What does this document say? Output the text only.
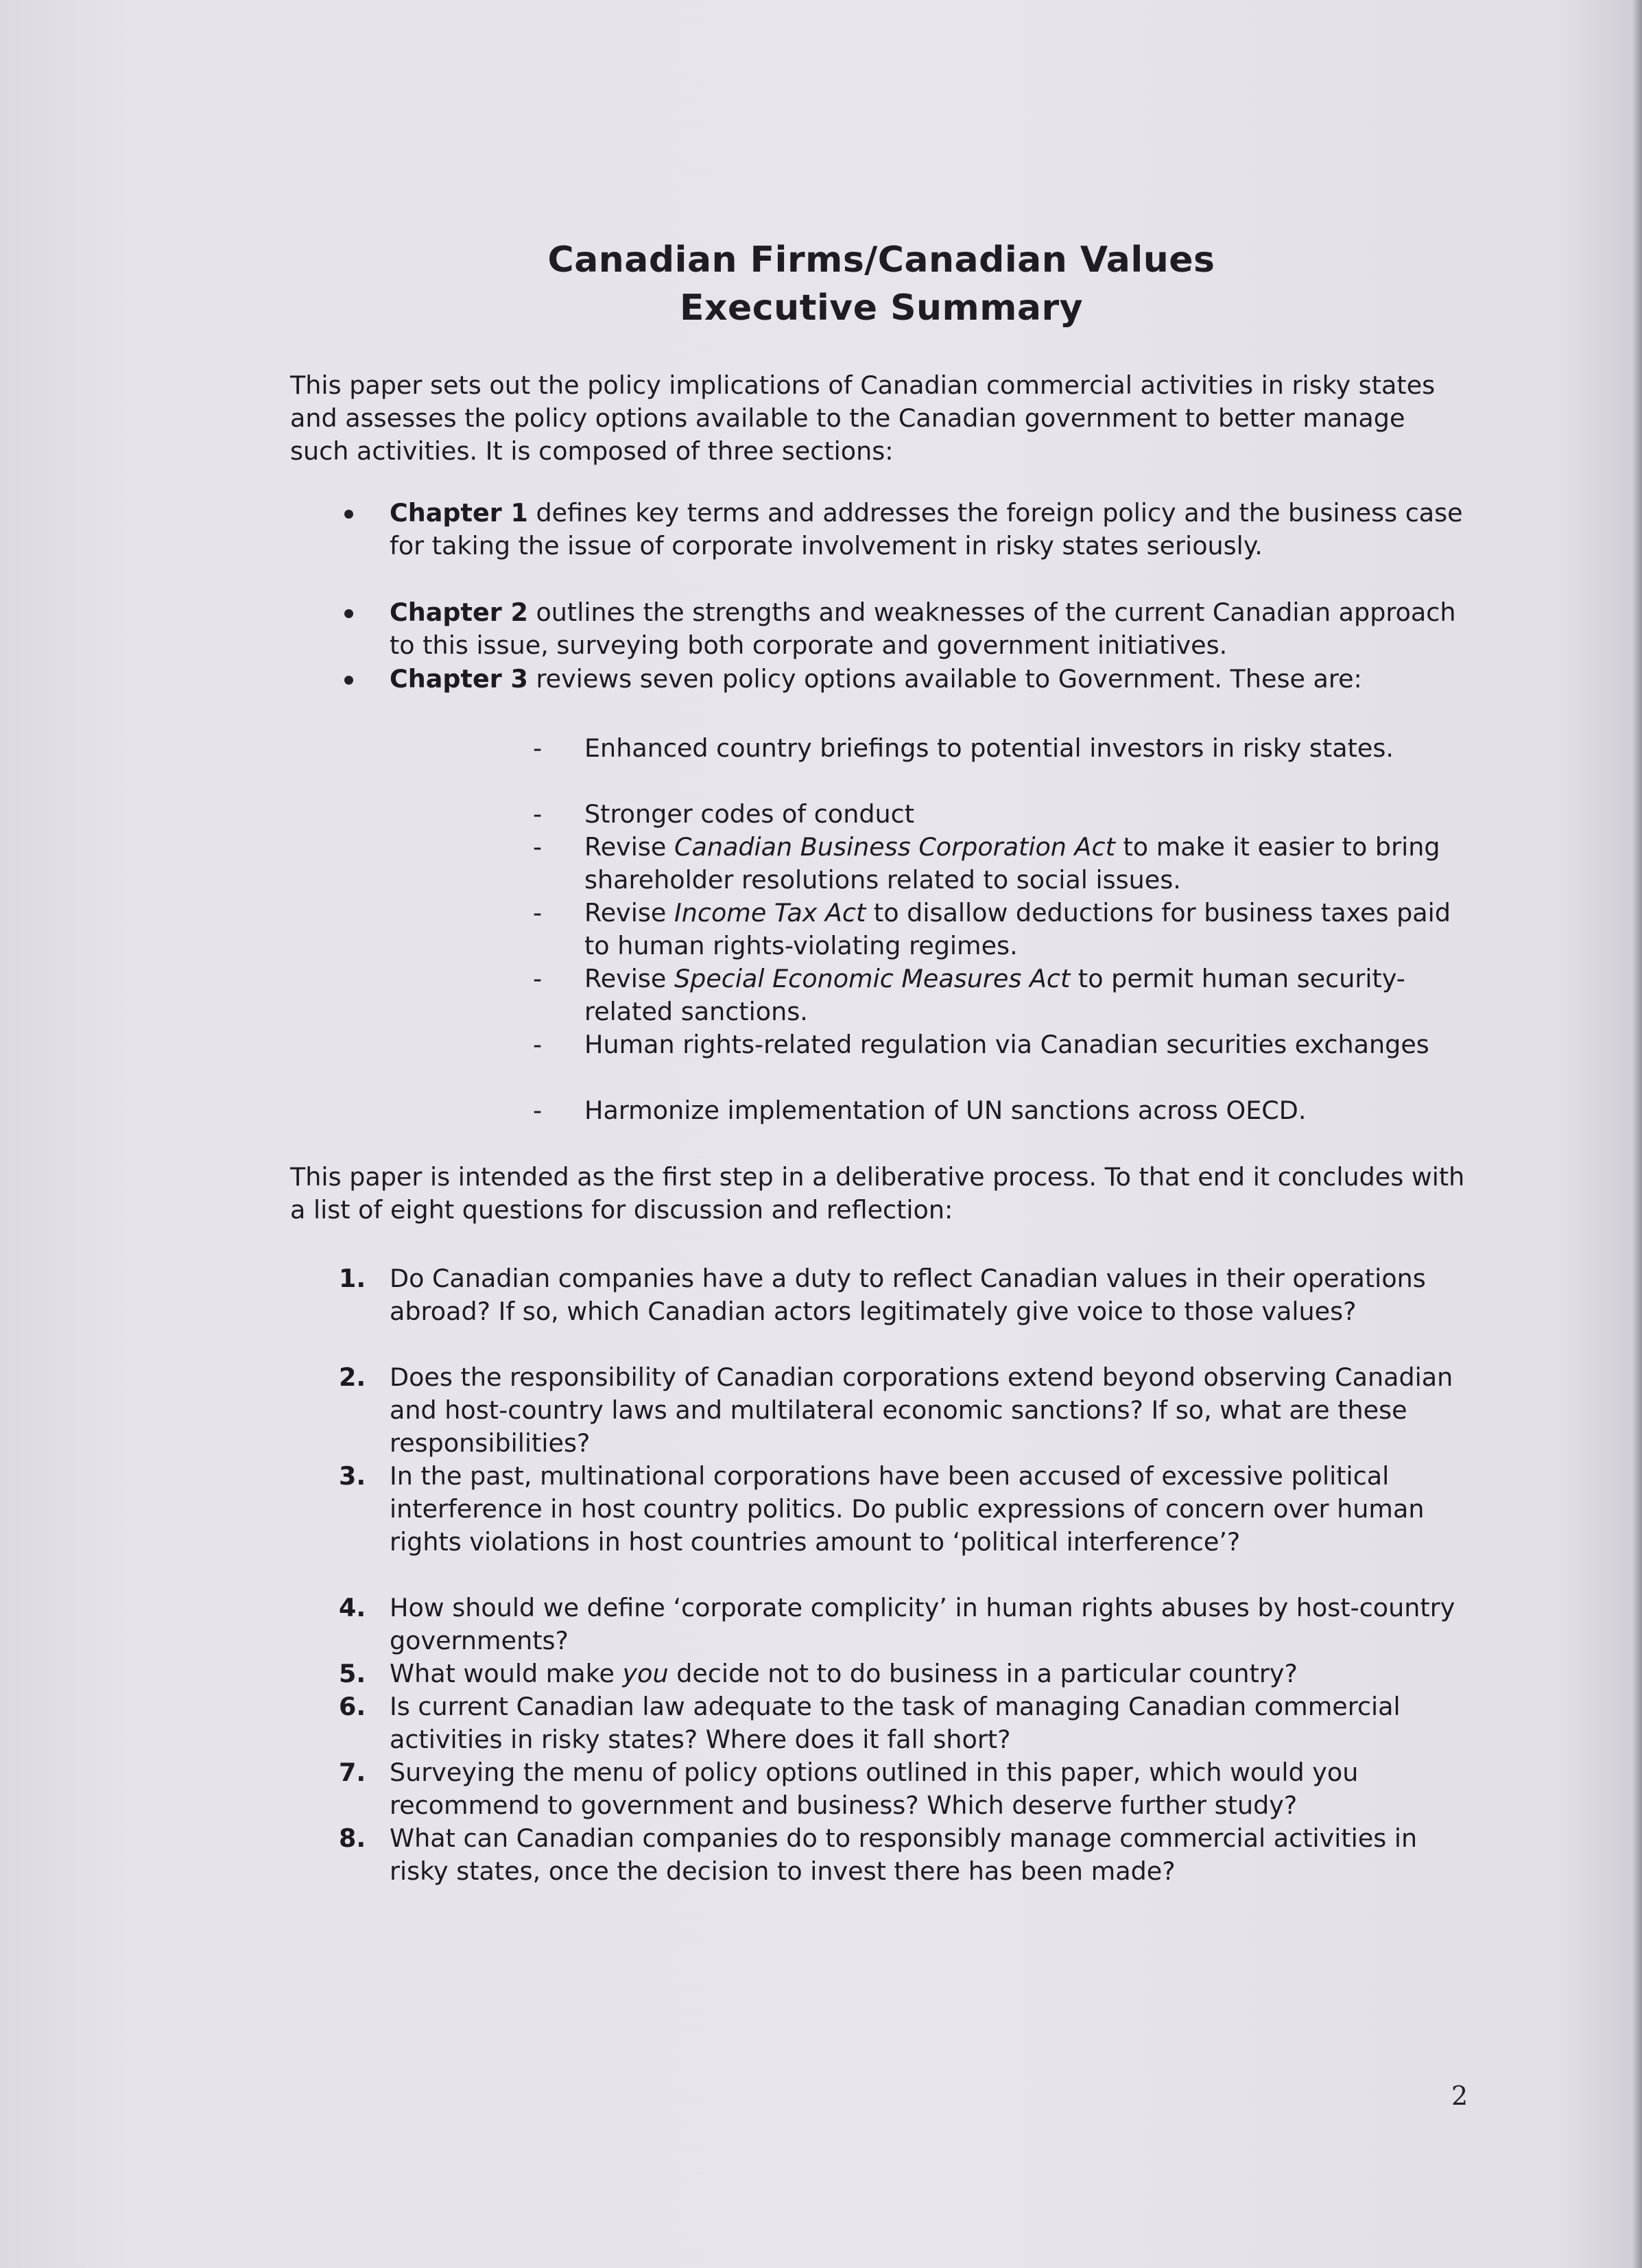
Canadian Firms/Canadian Values
Executive Summary

This paper sets out the policy implications of Canadian commercial activities in risky states and assesses the policy options available to the Canadian government to better manage such activities. It is composed of three sections:

Chapter 1 defines key terms and addresses the foreign policy and the business case for taking the issue of corporate involvement in risky states seriously.
Chapter 2 outlines the strengths and weaknesses of the current Canadian approach to this issue, surveying both corporate and government initiatives.
Chapter 3 reviews seven policy options available to Government. These are:
- Enhanced country briefings to potential investors in risky states.
- Stronger codes of conduct
- Revise Canadian Business Corporation Act to make it easier to bring shareholder resolutions related to social issues.
- Revise Income Tax Act to disallow deductions for business taxes paid to human rights-violating regimes.
- Revise Special Economic Measures Act to permit human security-related sanctions.
- Human rights-related regulation via Canadian securities exchanges
- Harmonize implementation of UN sanctions across OECD.

This paper is intended as the first step in a deliberative process. To that end it concludes with a list of eight questions for discussion and reflection:

1. Do Canadian companies have a duty to reflect Canadian values in their operations abroad? If so, which Canadian actors legitimately give voice to those values?
2. Does the responsibility of Canadian corporations extend beyond observing Canadian and host-country laws and multilateral economic sanctions? If so, what are these responsibilities?
3. In the past, multinational corporations have been accused of excessive political interference in host country politics. Do public expressions of concern over human rights violations in host countries amount to ‘political interference’?
4. How should we define ‘corporate complicity’ in human rights abuses by host-country governments?
5. What would make you decide not to do business in a particular country?
6. Is current Canadian law adequate to the task of managing Canadian commercial activities in risky states? Where does it fall short?
7. Surveying the menu of policy options outlined in this paper, which would you recommend to government and business? Which deserve further study?
8. What can Canadian companies do to responsibly manage commercial activities in risky states, once the decision to invest there has been made?
2
